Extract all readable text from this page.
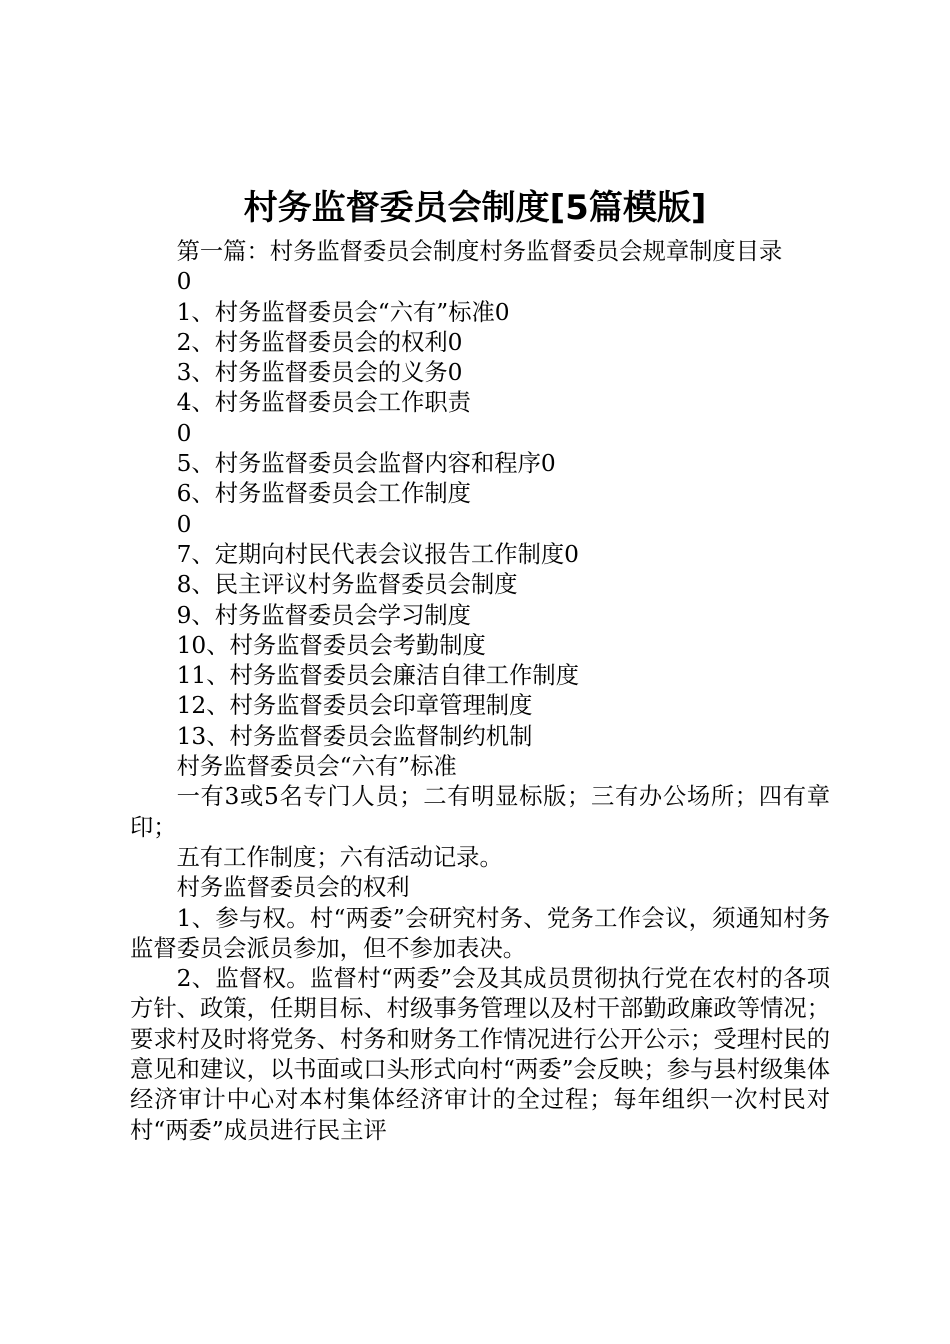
村务监督委员会制度[5篇模版]

第一篇：村务监督委员会制度村务监督委员会规章制度目录

0

1、村务监督委员会“六有”标准0

2、村务监督委员会的权利0

3、村务监督委员会的义务0

4、村务监督委员会工作职责

0

5、村务监督委员会监督内容和程序0

6、村务监督委员会工作制度

0

7、定期向村民代表会议报告工作制度0

8、民主评议村务监督委员会制度

9、村务监督委员会学习制度

10、村务监督委员会考勤制度

11、村务监督委员会廉洁自律工作制度

12、村务监督委员会印章管理制度

13、村务监督委员会监督制约机制

村务监督委员会“六有”标准

一有3或5名专门人员；二有明显标版；三有办公场所；四有章印；

五有工作制度；六有活动记录。

村务监督委员会的权利

1、参与权。村“两委”会研究村务、党务工作会议，须通知村务监督委员会派员参加，但不参加表决。

2、监督权。监督村“两委”会及其成员贯彻执行党在农村的各项方针、政策，任期目标、村级事务管理以及村干部勤政廉政等情况；要求村及时将党务、村务和财务工作情况进行公开公示；受理村民的意见和建议，以书面或口头形式向村“两委”会反映；参与县村级集体经济审计中心对本村集体经济审计的全过程；每年组织一次村民对村“两委”成员进行民主评
